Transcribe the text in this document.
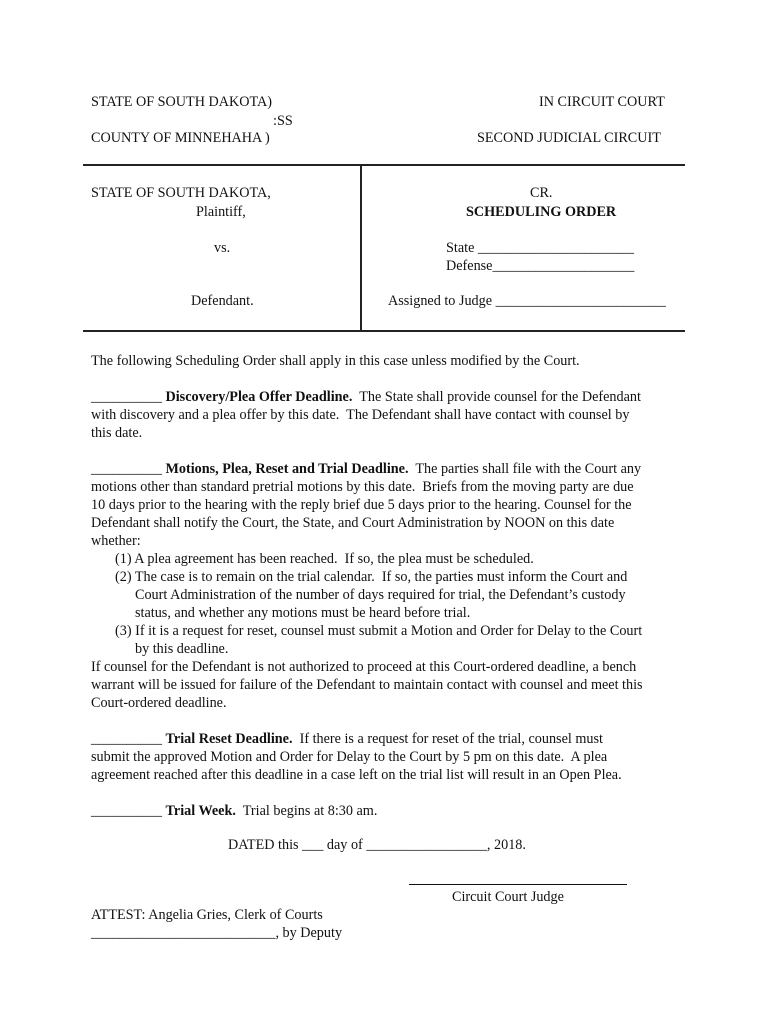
STATE OF SOUTH DAKOTA)
:SS
COUNTY OF MINNEHAHA )
IN CIRCUIT COURT
SECOND JUDICIAL CIRCUIT
STATE OF SOUTH DAKOTA,
Plaintiff,
vs.
Defendant.
CR.
SCHEDULING ORDER
State ______________________
Defense____________________
Assigned to Judge ________________________
The following Scheduling Order shall apply in this case unless modified by the Court.
__________ Discovery/Plea Offer Deadline. The State shall provide counsel for the Defendant
with discovery and a plea offer by this date.  The Defendant shall have contact with counsel by
this date.
__________ Motions, Plea, Reset and Trial Deadline. The parties shall file with the Court any
motions other than standard pretrial motions by this date.  Briefs from the moving party are due
10 days prior to the hearing with the reply brief due 5 days prior to the hearing. Counsel for the
Defendant shall notify the Court, the State, and Court Administration by NOON on this date
whether:
(1) A plea agreement has been reached.  If so, the plea must be scheduled.
(2) The case is to remain on the trial calendar.  If so, the parties must inform the Court and
Court Administration of the number of days required for trial, the Defendant’s custody
status, and whether any motions must be heard before trial.
(3) If it is a request for reset, counsel must submit a Motion and Order for Delay to the Court
by this deadline.
If counsel for the Defendant is not authorized to proceed at this Court-ordered deadline, a bench
warrant will be issued for failure of the Defendant to maintain contact with counsel and meet this
Court-ordered deadline.
__________ Trial Reset Deadline. If there is a request for reset of the trial, counsel must
submit the approved Motion and Order for Delay to the Court by 5 pm on this date.  A plea
agreement reached after this deadline in a case left on the trial list will result in an Open Plea.
__________ Trial Week. Trial begins at 8:30 am.
DATED this ___ day of _________________, 2018.
Circuit Court Judge
ATTEST: Angelia Gries, Clerk of Courts
__________________________, by Deputy
